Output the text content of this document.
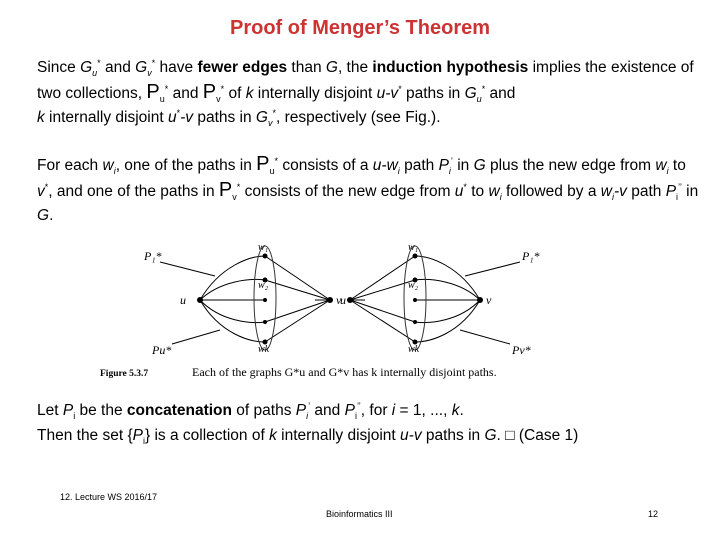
Proof of Menger’s Theorem
Since $G_u^*$ and $G_v^*$ have fewer edges than G, the induction hypothesis implies the existence of two collections, $P_u^*$ and $P_v^*$ of k internally disjoint u-v* paths in $G_u^*$ and
k internally disjoint u*-v paths in $G_v^*$, respectively (see Fig.).
For each $w_i$, one of the paths in $P_u^*$ consists of a $u-w_i$ path $P_i^’$ in G plus the new edge from $w_i$ to v*, and one of the paths in $P_v^*$ consists of the new edge from u* to $w_i$ followed by a $w_i-v$ path $P_i^{’’}$ in G.
u	v
w₁
w₂
wk
P₁*
Pu*
u	v
w₁
w₂
wk
P₁*
Pv*
Figure 5.3.7	Each of the graphs G*u and G*v has k internally disjoint paths.
Let $P_i$ be the concatenation of paths $P_i^’$ and $P_i^{’’}$, for i = 1, ..., k.
Then the set $\{P_i\}$ is a collection of k internally disjoint u-v paths in G. □ (Case 1)
12. Lecture WS 2016/17
Bioinformatics III	12
